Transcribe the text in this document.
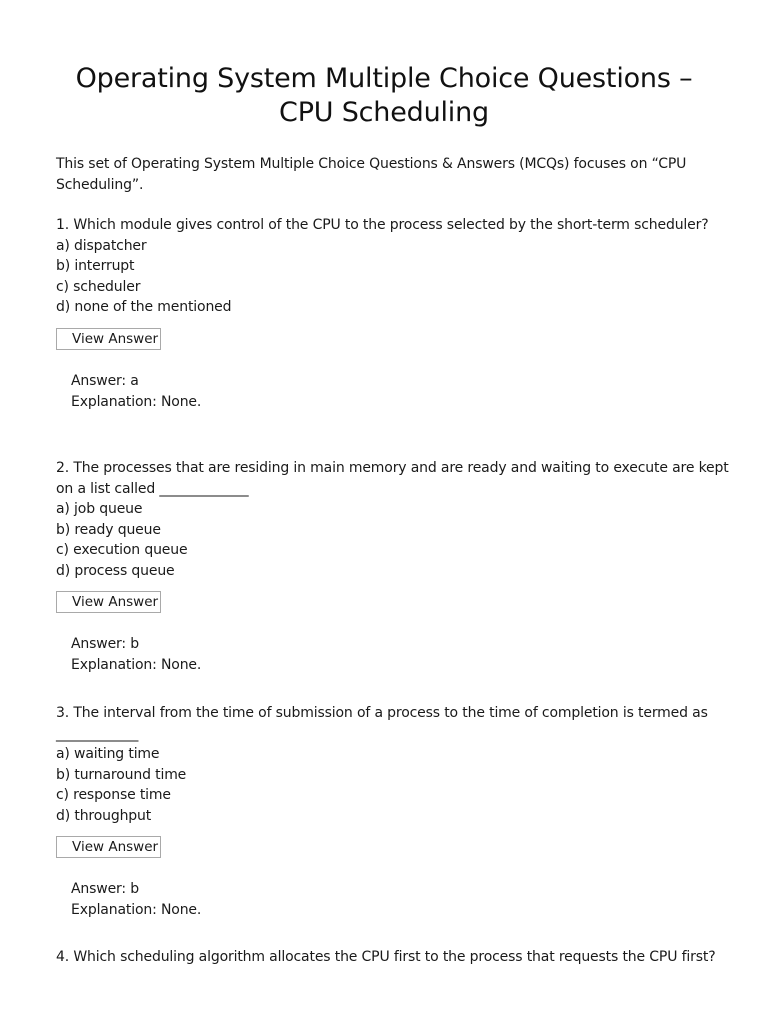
Operating System Multiple Choice Questions –
CPU Scheduling

This set of Operating System Multiple Choice Questions & Answers (MCQs) focuses on “CPU
Scheduling”.

1. Which module gives control of the CPU to the process selected by the short-term scheduler?
a) dispatcher
b) interrupt
c) scheduler
d) none of the mentioned
View Answer
Answer: a
Explanation: None.
2. The processes that are residing in main memory and are ready and waiting to execute are kept
on a list called _____________
a) job queue
b) ready queue
c) execution queue
d) process queue
View Answer
Answer: b
Explanation: None.
3. The interval from the time of submission of a process to the time of completion is termed as
____________
a) waiting time
b) turnaround time
c) response time
d) throughput
View Answer
Answer: b
Explanation: None.
4. Which scheduling algorithm allocates the CPU first to the process that requests the CPU first?
